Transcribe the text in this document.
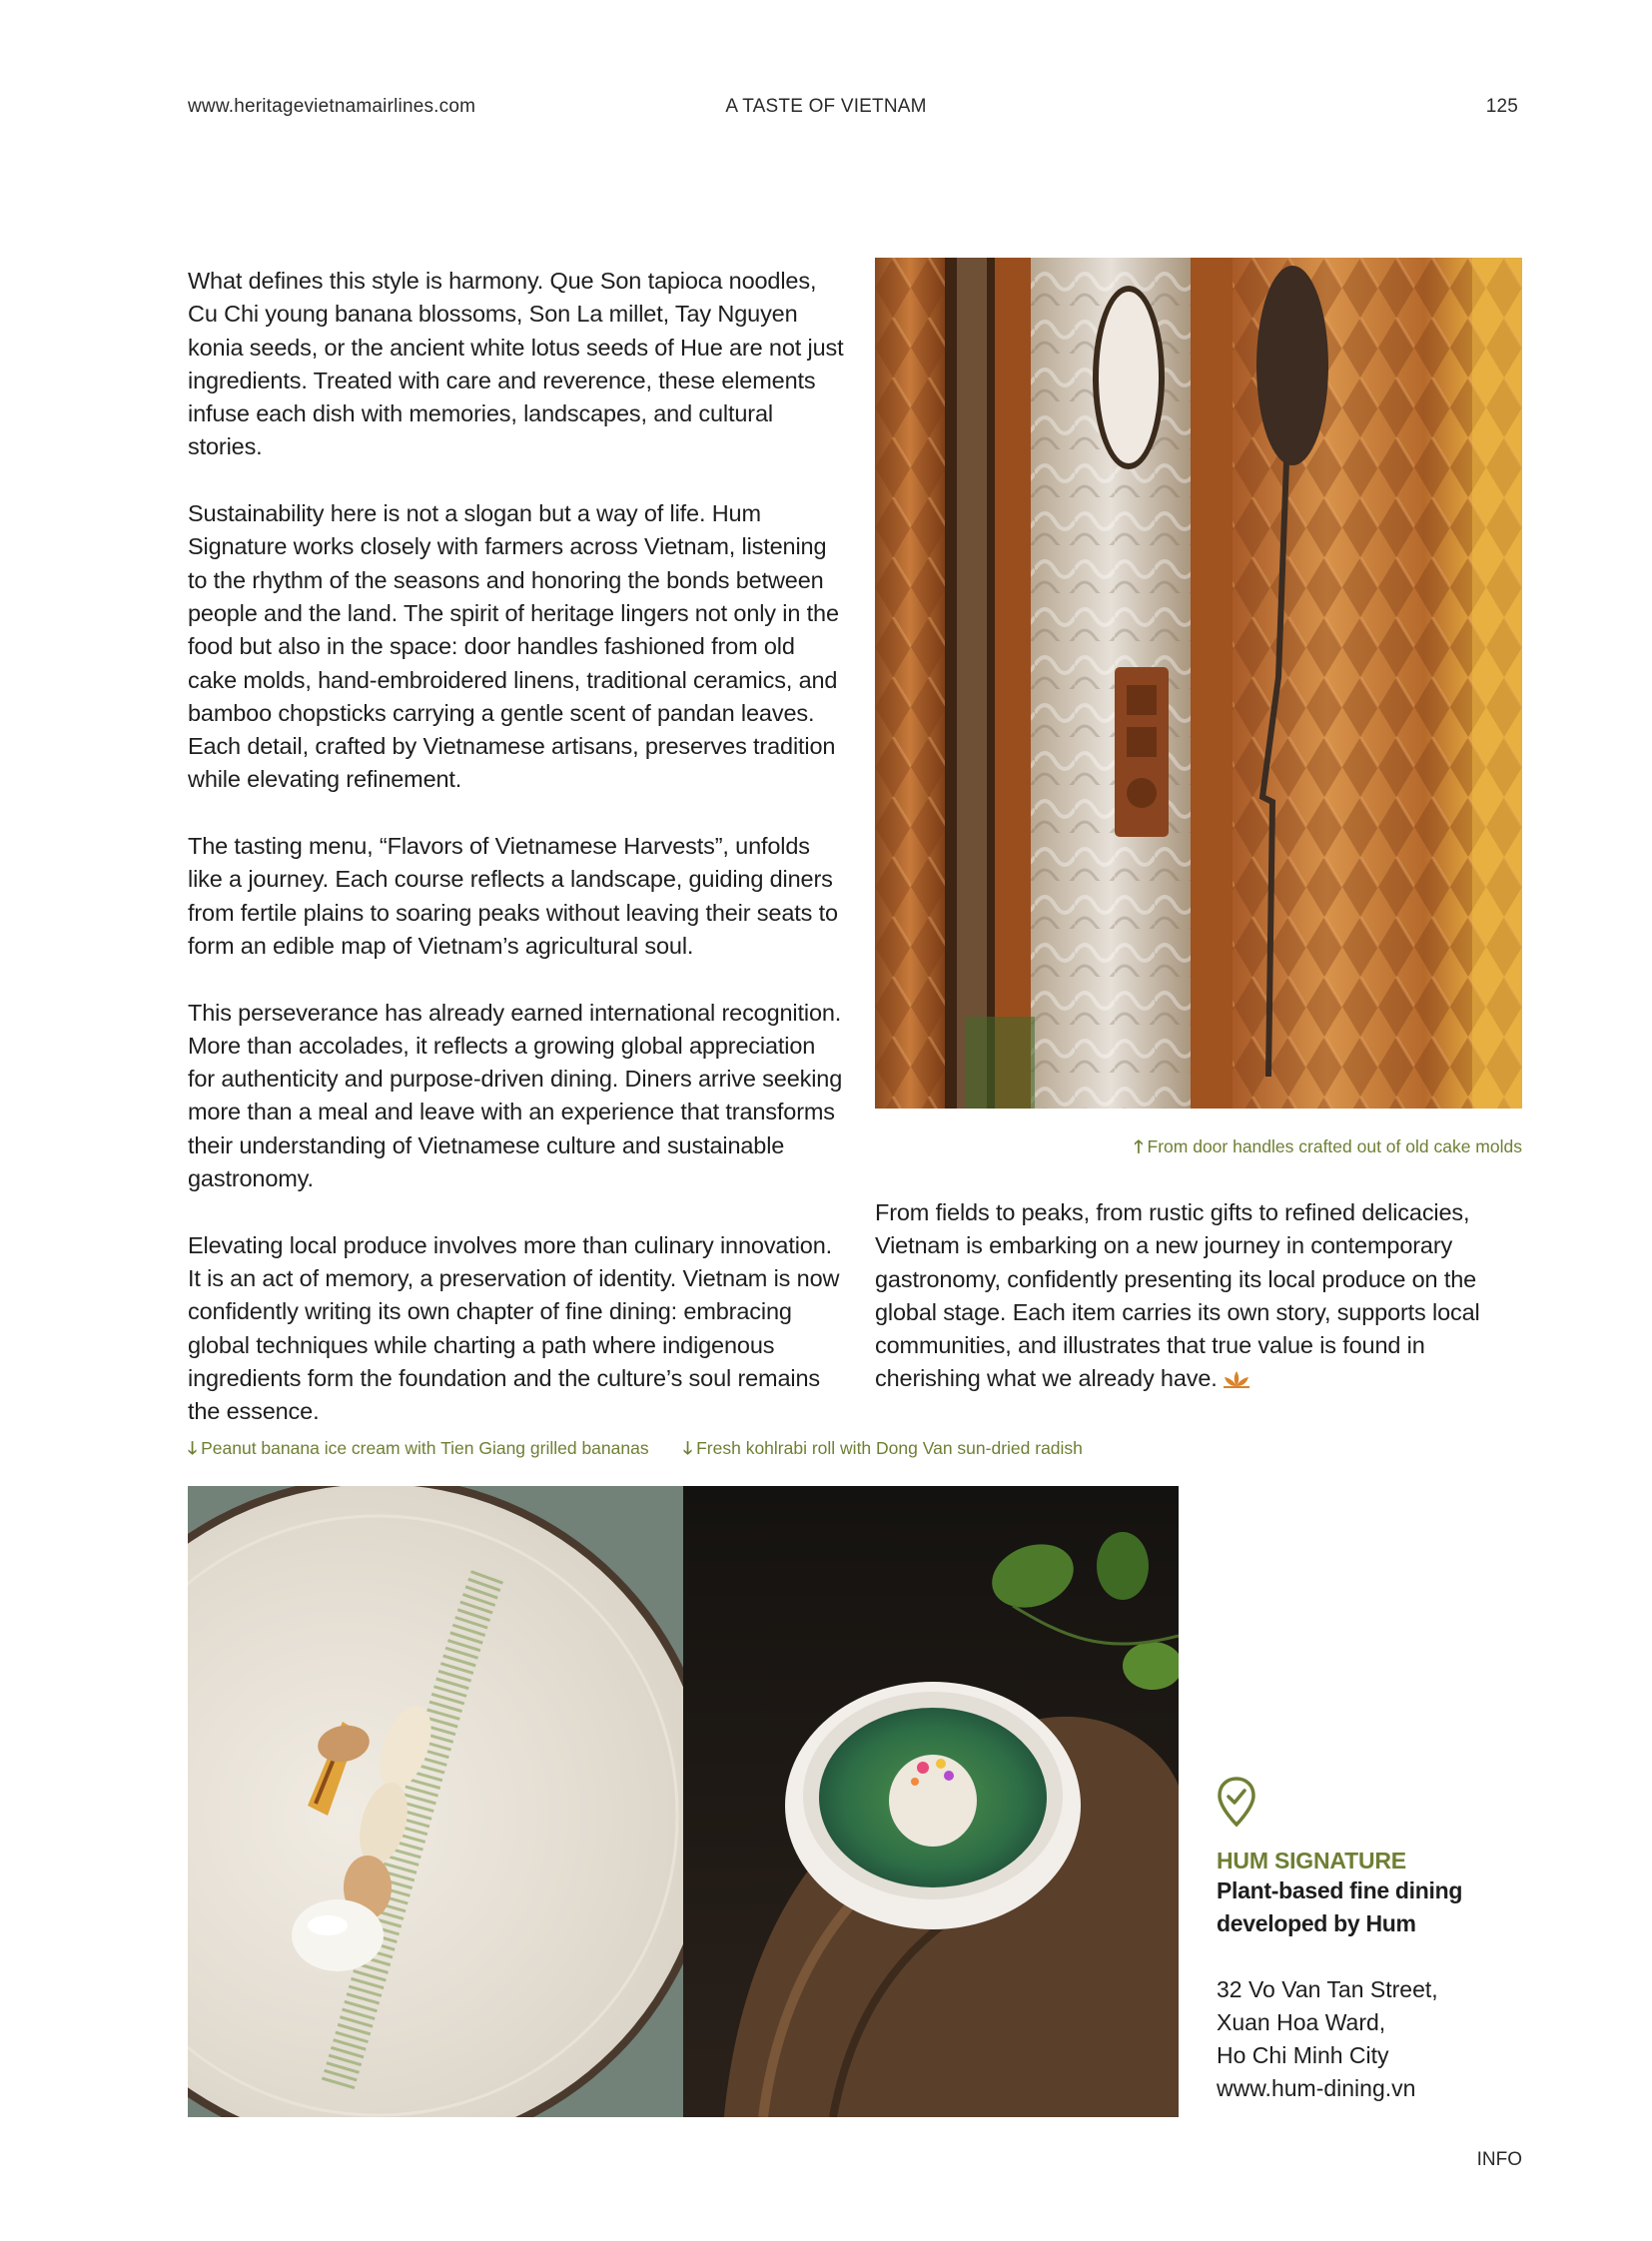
www.heritagevietnamairlines.com	A TASTE OF VIETNAM	125

What defines this style is harmony. Que Son tapioca noodles, Cu Chi young banana blossoms, Son La millet, Tay Nguyen konia seeds, or the ancient white lotus seeds of Hue are not just ingredients. Treated with care and reverence, these elements infuse each dish with memories, landscapes, and cultural stories.

Sustainability here is not a slogan but a way of life. Hum Signature works closely with farmers across Vietnam, listening to the rhythm of the seasons and honoring the bonds between people and the land. The spirit of heritage lingers not only in the food but also in the space: door handles fashioned from old cake molds, hand-embroidered linens, traditional ceramics, and bamboo chopsticks carrying a gentle scent of pandan leaves. Each detail, crafted by Vietnamese artisans, preserves tradition while elevating refinement.

The tasting menu, “Flavors of Vietnamese Harvests”, unfolds like a journey. Each course reflects a landscape, guiding diners from fertile plains to soaring peaks without leaving their seats to form an edible map of Vietnam’s agricultural soul.

This perseverance has already earned international recognition. More than accolades, it reflects a growing global appreciation for authenticity and purpose-driven dining. Diners arrive seeking more than a meal and leave with an experience that transforms their understanding of Vietnamese culture and sustainable gastronomy.

Elevating local produce involves more than culinary innovation. It is an act of memory, a preservation of identity. Vietnam is now confidently writing its own chapter of fine dining: embracing global techniques while charting a path where indigenous ingredients form the foundation and the culture’s soul remains the essence.

🡑 From door handles crafted out of old cake molds

From fields to peaks, from rustic gifts to refined delicacies, Vietnam is embarking on a new journey in contemporary gastronomy, confidently presenting its local produce on the global stage. Each item carries its own story, supports local communities, and illustrates that true value is found in cherishing what we already have.

🡓 Peanut banana ice cream with Tien Giang grilled bananas 🡓 Fresh kohlrabi roll with Dong Van sun-dried radish
HUM SIGNATURE
Plant-based fine dining
developed by Hum
32 Vo Van Tan Street,
Xuan Hoa Ward,
Ho Chi Minh City
www.hum-dining.vn
INFO
